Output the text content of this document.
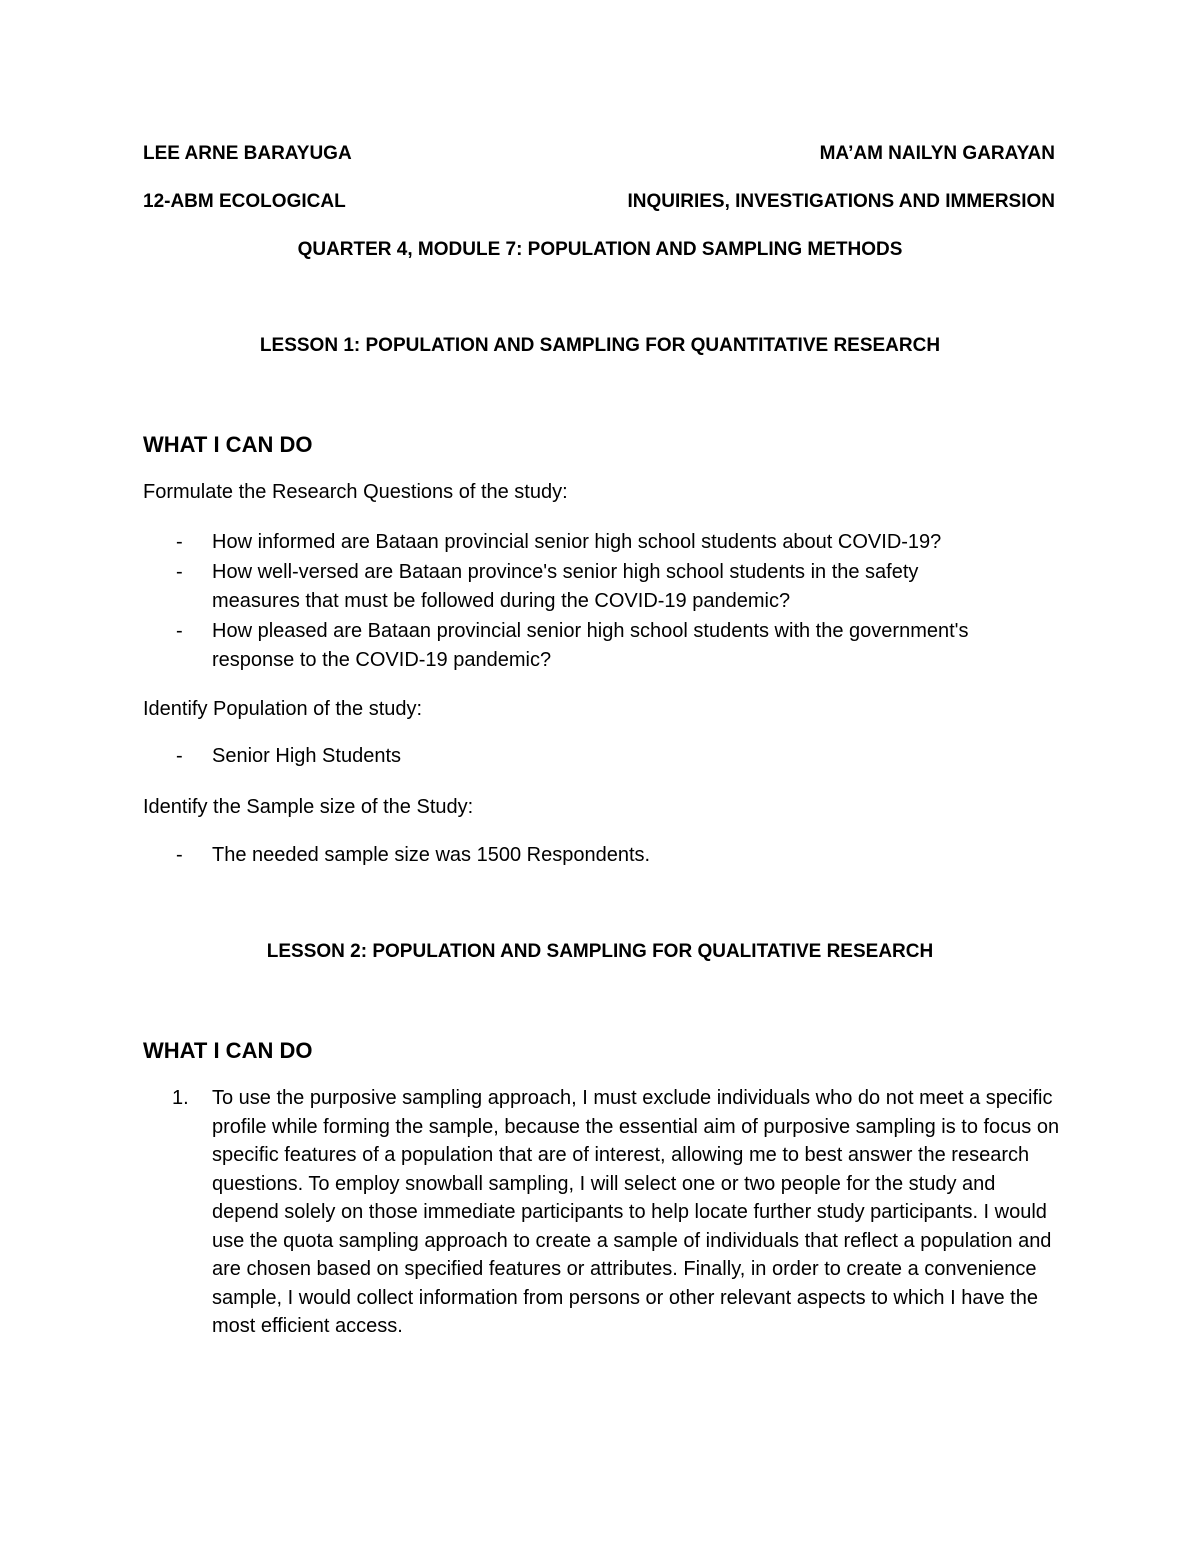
LEE ARNE BARAYUGA	MA’AM NAILYN GARAYAN
12-ABM ECOLOGICAL	INQUIRIES, INVESTIGATIONS AND IMMERSION
QUARTER 4, MODULE 7: POPULATION AND SAMPLING METHODS
LESSON 1: POPULATION AND SAMPLING FOR QUANTITATIVE RESEARCH
WHAT I CAN DO
Formulate the Research Questions of the study:
- How informed are Bataan provincial senior high school students about COVID-19?
- How well-versed are Bataan province's senior high school students in the safety measures that must be followed during the COVID-19 pandemic?
- How pleased are Bataan provincial senior high school students with the government's response to the COVID-19 pandemic?
Identify Population of the study:
- Senior High Students
Identify the Sample size of the Study:
- The needed sample size was 1500 Respondents.
LESSON 2: POPULATION AND SAMPLING FOR QUALITATIVE RESEARCH
WHAT I CAN DO
1. To use the purposive sampling approach, I must exclude individuals who do not meet a specific profile while forming the sample, because the essential aim of purposive sampling is to focus on specific features of a population that are of interest, allowing me to best answer the research questions. To employ snowball sampling, I will select one or two people for the study and depend solely on those immediate participants to help locate further study participants. I would use the quota sampling approach to create a sample of individuals that reflect a population and are chosen based on specified features or attributes. Finally, in order to create a convenience sample, I would collect information from persons or other relevant aspects to which I have the most efficient access.
